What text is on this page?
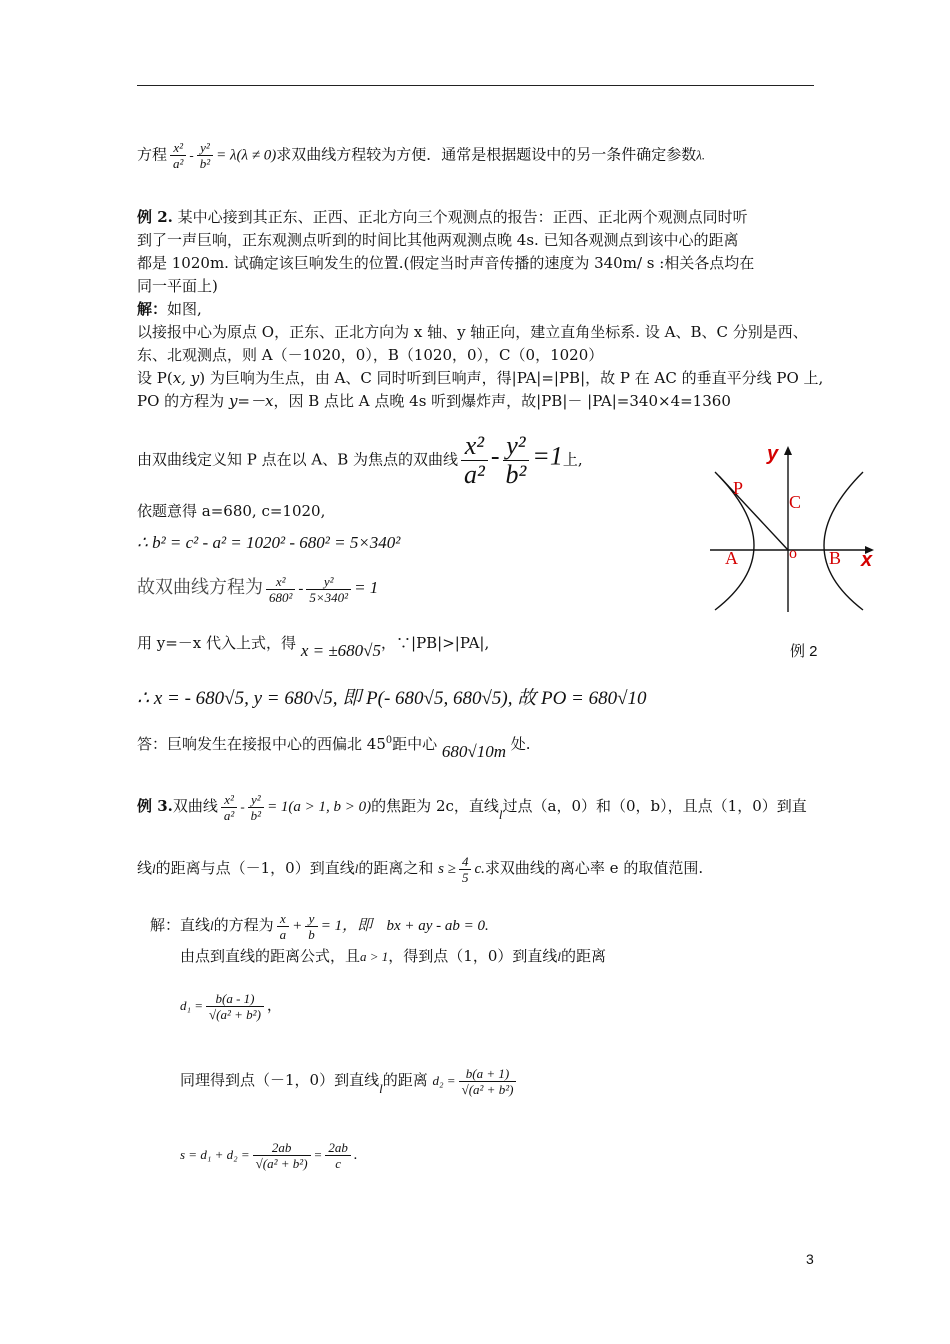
方程 $\frac{\text{x²}}{\text{a²}} - \frac{\text{y²}}{\text{b²}} = \lambda(\lambda \ne 0)$求双曲线方程较为方便．通常是根据题设中的另一条件确定参数λ.
例 2. 某中心接到其正东、正西、正北方向三个观测点的报告：正西、正北两个观测点同时听
到了一声巨响，正东观测点听到的时间比其他两观测点晚 4s. 已知各观测点到该中心的距离
都是 1020m. 试确定该巨响发生的位置.(假定当时声音传播的速度为 340m/ s :相关各点均在
同一平面上)
解：如图,
以接报中心为原点 O，正东、正北方向为 x 轴、y 轴正向，建立直角坐标系. 设 A、B、C 分别是西、
东、北观测点，则 A（－1020，0），B（1020，0），C（0，1020）
设 P(x, y) 为巨响为生点，由 A、C 同时听到巨响声，得|PA|=|PB|，故 P 在 AC 的垂直平分线 PO 上,
PO 的方程为 y=－x，因 B 点比 A 点晚 4s 听到爆炸声，故|PB|－ |PA|=340×4=1360
由双曲线定义知 P 点在以 A、B 为焦点的双曲线 $\frac{\text{x²}}{\text{a²}} - \frac{\text{y²}}{\text{b²}} =1$上,
依题意得 a=680, c=1020,
∴ b² = c² - a² = 1020² - 680² = 5×340²
故双曲线方程为 $\frac{\text{x²}}{\text{680²}} - \frac{\text{y²}}{\text{5×340²}} = 1$
用 y=－x 代入上式，得 x = ±680√5，∵|PB|>|PA|,
∴ x = - 680√5, y = 680√5, 即 P(- 680√5, 680√5), 故 PO = 680√10
答：巨响发生在接报中心的西偏北 $45^0$距中心 680√10m 处.
y
P
C
A	o B x
例 2
例 3.双曲线 $\frac{\text{x²}}{\text{a²}} - \frac{\text{y²}}{\text{b²}} = 1(a > 1$, b > 0)的焦距为 2c，直线l过点（a，0）和（0，b），且点（1，0）到直
线l的距离与点（－1，0）到直线l的距离之和 $s \ge \frac{4}{5} c$.求双曲线的离心率 e 的取值范围.
解：直线l的方程为 $\frac{x}{a} + \frac{y}{b} = 1$，即 bx + ay - ab = 0.
由点到直线的距离公式，且a > 1，得到点（1，0）到直线l的距离
$d_1 = \frac{b(a - 1)}{\text{√(a² + b²)}}$ ，
同理得到点（－1，0）到直线l的距离 $d_2 = \frac{b(a + 1)}{\text{√(a² + b²)}}$
$s = d_1 + d_2 = \frac{2ab}{\text{√(a² + b²)}} = \frac{2ab}{c}$ .
3
